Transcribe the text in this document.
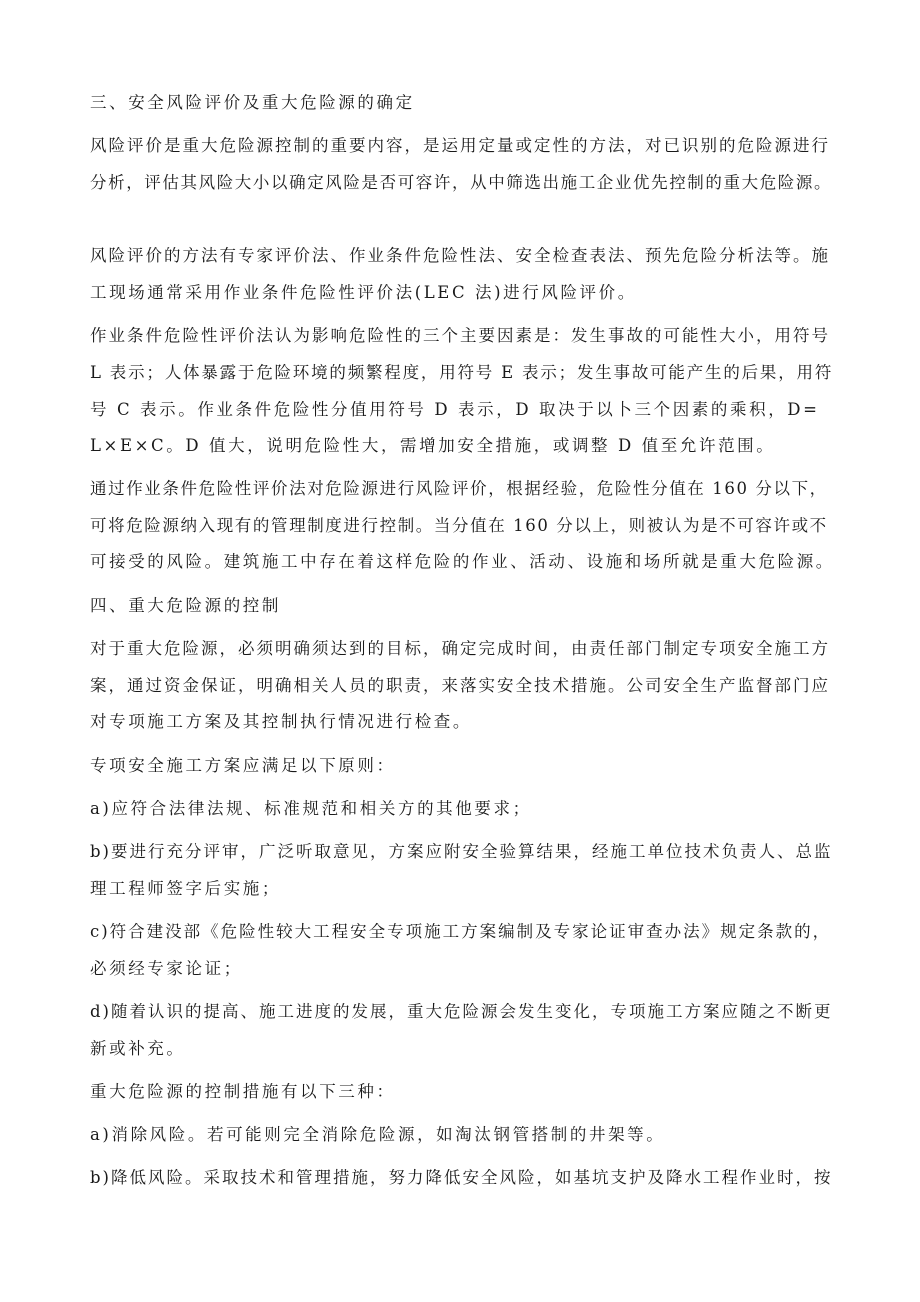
三、安全风险评价及重大危险源的确定
风险评价是重大危险源控制的重要内容，是运用定量或定性的方法，对已识别的危险源进行
分析，评估其风险大小以确定风险是否可容许，从中筛选出施工企业优先控制的重大危险源。
风险评价的方法有专家评价法、作业条件危险性法、安全检查表法、预先危险分析法等。施
工现场通常采用作业条件危险性评价法(LEC 法)进行风险评价。
作业条件危险性评价法认为影响危险性的三个主要因素是：发生事故的可能性大小，用符号
L 表示；人体暴露于危险环境的频繁程度，用符号 E 表示；发生事故可能产生的后果，用符
号 C 表示。作业条件危险性分值用符号 D 表示，D 取决于以卜三个因素的乘积，D=
L×E×C。D 值大，说明危险性大，需增加安全措施，或调整 D 值至允许范围。
通过作业条件危险性评价法对危险源进行风险评价，根据经验，危险性分值在 160 分以下，
可将危险源纳入现有的管理制度进行控制。当分值在 160 分以上，则被认为是不可容许或不
可接受的风险。建筑施工中存在着这样危险的作业、活动、设施和场所就是重大危险源。
四、重大危险源的控制
对于重大危险源，必须明确须达到的目标，确定完成时间，由责任部门制定专项安全施工方
案，通过资金保证，明确相关人员的职责，来落实安全技术措施。公司安全生产监督部门应
对专项施工方案及其控制执行情况进行检查。
专项安全施工方案应满足以下原则：
a)应符合法律法规、标准规范和相关方的其他要求；
b)要进行充分评审，广泛听取意见，方案应附安全验算结果，经施工单位技术负责人、总监
理工程师签字后实施；
c)符合建没部《危险性较大工程安全专项施工方案编制及专家论证审查办法》规定条款的，
必须经专家论证；
d)随着认识的提高、施工进度的发展，重大危险源会发生变化，专项施工方案应随之不断更
新或补充。
重大危险源的控制措施有以下三种：
a)消除风险。若可能则完全消除危险源，如淘汰钢管搭制的井架等。
b)降低风险。采取技术和管理措施，努力降低安全风险，如基坑支护及降水工程作业时，按
